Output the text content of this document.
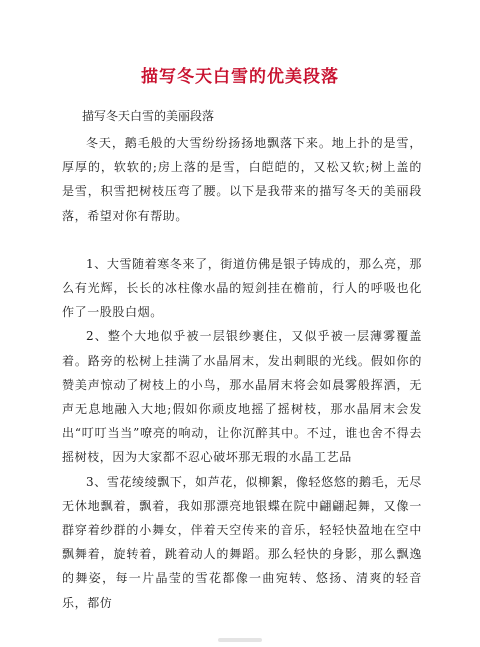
描写冬天白雪的优美段落
描写冬天白雪的美丽段落

冬天，鹅毛般的大雪纷纷扬扬地飘落下来。地上扑的是雪，厚厚的，软软的;房上落的是雪，白皑皑的，又松又软;树上盖的是雪，积雪把树枝压弯了腰。以下是我带来的描写冬天的美丽段落，希望对你有帮助。

1、大雪随着寒冬来了，街道仿佛是银子铸成的，那么亮，那么有光辉，长长的冰柱像水晶的短剑挂在檐前，行人的呼吸也化作了一股股白烟。

2、整个大地似乎被一层银纱裹住，又似乎被一层薄雾覆盖着。路旁的松树上挂满了水晶屑末，发出刺眼的光线。假如你的赞美声惊动了树枝上的小鸟，那水晶屑末将会如晨雾般挥洒，无声无息地融入大地;假如你顽皮地摇了摇树枝，那水晶屑末会发出“叮叮当当”嘹亮的响动，让你沉醉其中。不过，谁也舍不得去摇树枝，因为大家都不忍心破坏那无瑕的水晶工艺品

3、雪花绫绫飘下，如芦花，似柳絮，像轻悠悠的鹅毛，无尽无休地飘着，飘着，我如那漂亮地银蝶在院中翩翩起舞，又像一群穿着纱群的小舞女，伴着天空传来的音乐，轻轻快盈地在空中飘舞着，旋转着，跳着动人的舞蹈。那么轻快的身影，那么飘逸的舞姿，每一片晶莹的雪花都像一曲宛转、悠扬、清爽的轻音乐，都仿
